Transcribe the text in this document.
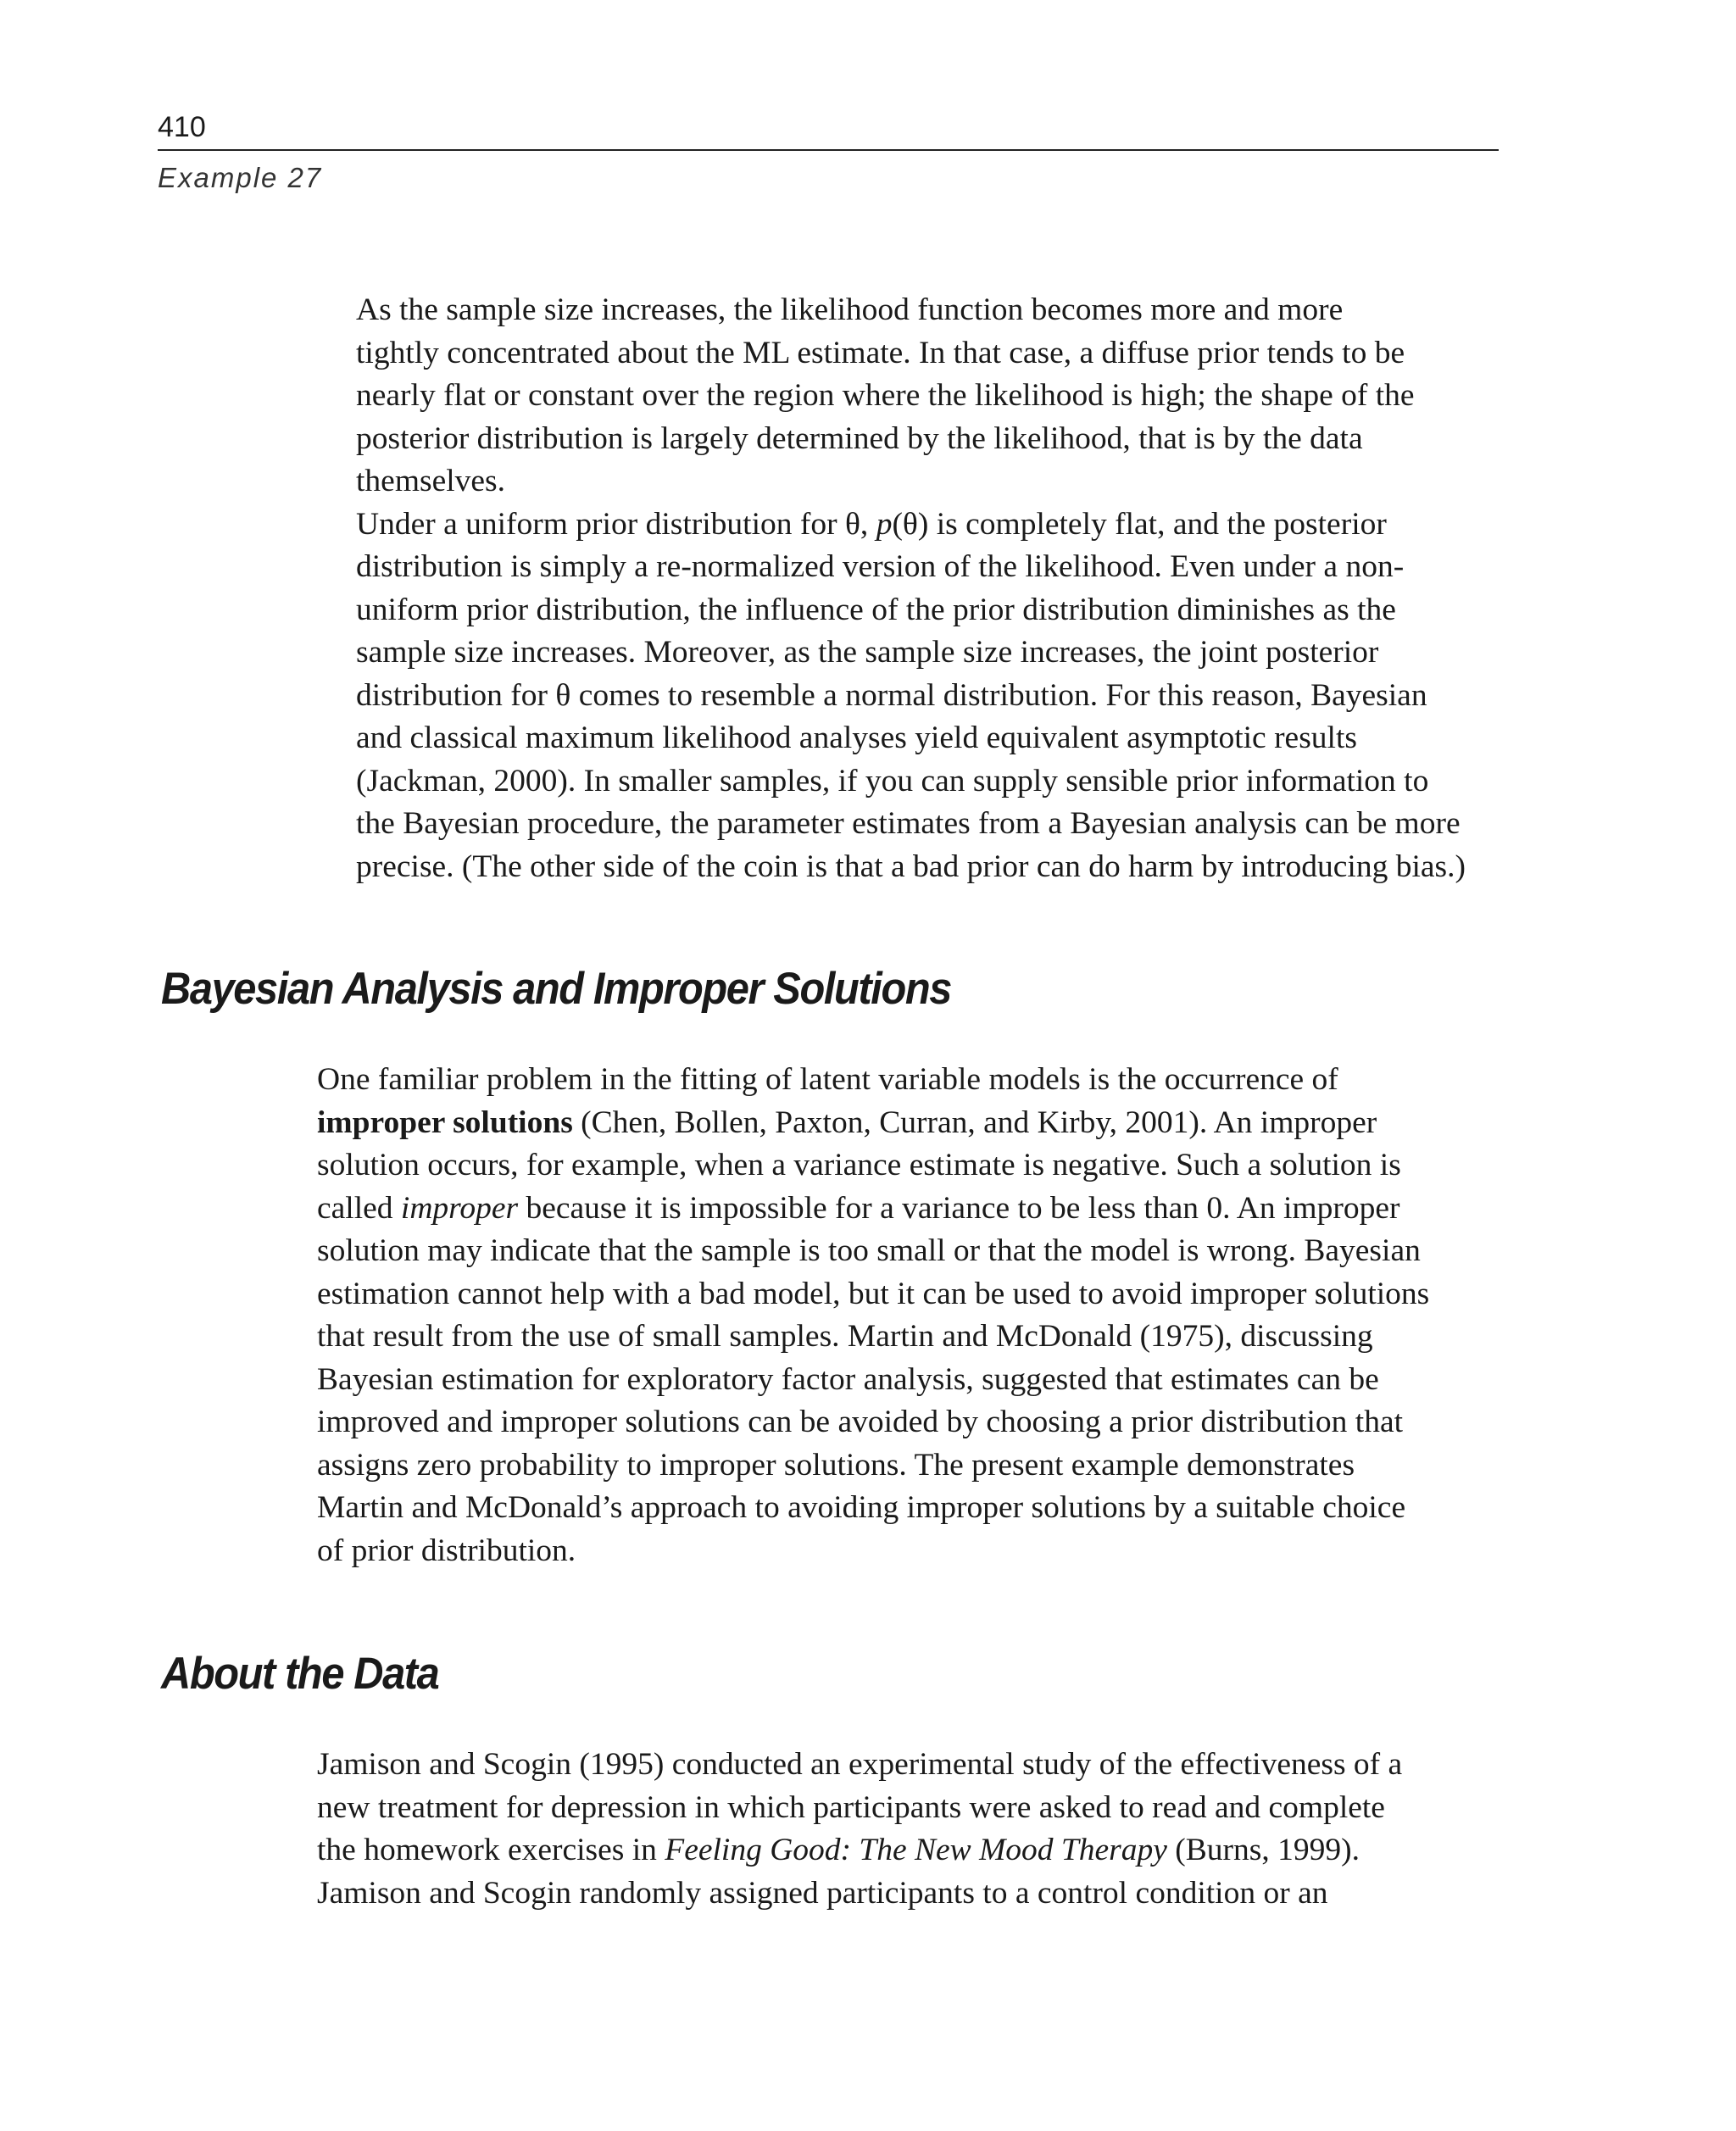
410
Example 27

As the sample size increases, the likelihood function becomes more and more
tightly concentrated about the ML estimate. In that case, a diffuse prior tends to be
nearly flat or constant over the region where the likelihood is high; the shape of the
posterior distribution is largely determined by the likelihood, that is by the data
themselves.

Under a uniform prior distribution for θ, p(θ) is completely flat, and the posterior
distribution is simply a re-normalized version of the likelihood. Even under a non-
uniform prior distribution, the influence of the prior distribution diminishes as the
sample size increases. Moreover, as the sample size increases, the joint posterior
distribution for θ comes to resemble a normal distribution. For this reason, Bayesian
and classical maximum likelihood analyses yield equivalent asymptotic results
(Jackman, 2000). In smaller samples, if you can supply sensible prior information to
the Bayesian procedure, the parameter estimates from a Bayesian analysis can be more
precise. (The other side of the coin is that a bad prior can do harm by introducing bias.)

Bayesian Analysis and Improper Solutions

One familiar problem in the fitting of latent variable models is the occurrence of
improper solutions (Chen, Bollen, Paxton, Curran, and Kirby, 2001). An improper
solution occurs, for example, when a variance estimate is negative. Such a solution is
called improper because it is impossible for a variance to be less than 0. An improper
solution may indicate that the sample is too small or that the model is wrong. Bayesian
estimation cannot help with a bad model, but it can be used to avoid improper solutions
that result from the use of small samples. Martin and McDonald (1975), discussing
Bayesian estimation for exploratory factor analysis, suggested that estimates can be
improved and improper solutions can be avoided by choosing a prior distribution that
assigns zero probability to improper solutions. The present example demonstrates
Martin and McDonald’s approach to avoiding improper solutions by a suitable choice
of prior distribution.

About the Data

Jamison and Scogin (1995) conducted an experimental study of the effectiveness of a
new treatment for depression in which participants were asked to read and complete
the homework exercises in Feeling Good: The New Mood Therapy (Burns, 1999).
Jamison and Scogin randomly assigned participants to a control condition or an
